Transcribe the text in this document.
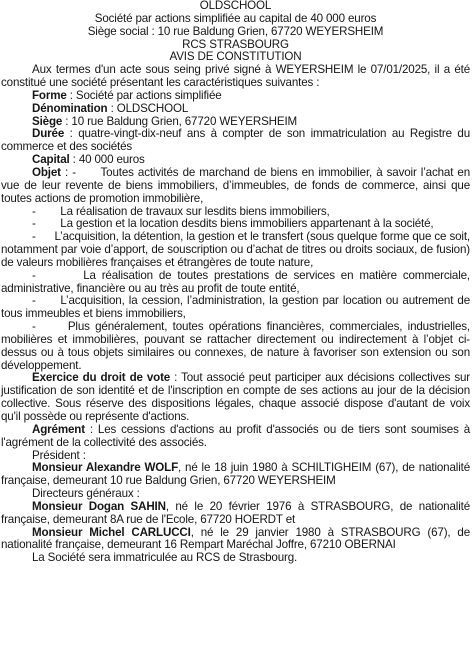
OLDSCHOOL

Société par actions simplifiée au capital de 40 000 euros

Siège social : 10 rue Baldung Grien, 67720 WEYERSHEIM

RCS STRASBOURG

AVIS DE CONSTITUTION

Aux termes d'un acte sous seing privé signé à WEYERSHEIM le 07/01/2025, il a été constitué une société présentant les caractéristiques suivantes :

Forme : Société par actions simplifiée

Dénomination : OLDSCHOOL

Siège : 10 rue Baldung Grien, 67720 WEYERSHEIM

Durée : quatre-vingt-dix-neuf ans à compter de son immatriculation au Registre du commerce et des sociétés

Capital : 40 000 euros

Objet : -      Toutes activités de marchand de biens en immobilier, à savoir l’achat en vue de leur revente de biens immobiliers, d’immeubles, de fonds de commerce, ainsi que toutes actions de promotion immobilière,

-        La réalisation de travaux sur lesdits biens immobiliers,

-        La gestion et la location desdits biens immobiliers appartenant à la société,

-      L’acquisition, la détention, la gestion et le transfert (sous quelque forme que ce soit, notamment par voie d’apport, de souscription ou d’achat de titres ou droits sociaux, de fusion) de valeurs mobilières françaises et étrangères de toute nature,

-        La réalisation de toutes prestations de services en matière commerciale, administrative, financière ou au très au profit de toute entité,

-      L’acquisition, la cession, l’administration, la gestion par location ou autrement de tous immeubles et biens immobiliers,

-      Plus généralement, toutes opérations financières, commerciales, industrielles, mobilières et immobilières, pouvant se rattacher directement ou indirectement à l’objet ci-dessus ou à tous objets similaires ou connexes, de nature à favoriser son extension ou son développement.

Exercice du droit de vote : Tout associé peut participer aux décisions collectives sur justification de son identité et de l'inscription en compte de ses actions au jour de la décision collective. Sous réserve des dispositions légales, chaque associé dispose d'autant de voix qu'il possède ou représente d'actions.

Agrément : Les cessions d'actions au profit d'associés ou de tiers sont soumises à l'agrément de la collectivité des associés.

Président :

Monsieur Alexandre WOLF, né le 18 juin 1980 à SCHILTIGHEIM (67), de nationalité française, demeurant 10 rue Baldung Grien, 67720 WEYERSHEIM

Directeurs généraux :

Monsieur Dogan SAHIN, né le 20 février 1976 à STRASBOURG, de nationalité française, demeurant 8A rue de l'Ecole, 67720 HOERDT et

Monsieur Michel CARLUCCI, né le 29 janvier 1980 à STRASBOURG (67), de nationalité française, demeurant 16 Rempart Maréchal Joffre, 67210 OBERNAI

La Société sera immatriculée au RCS de Strasbourg.
